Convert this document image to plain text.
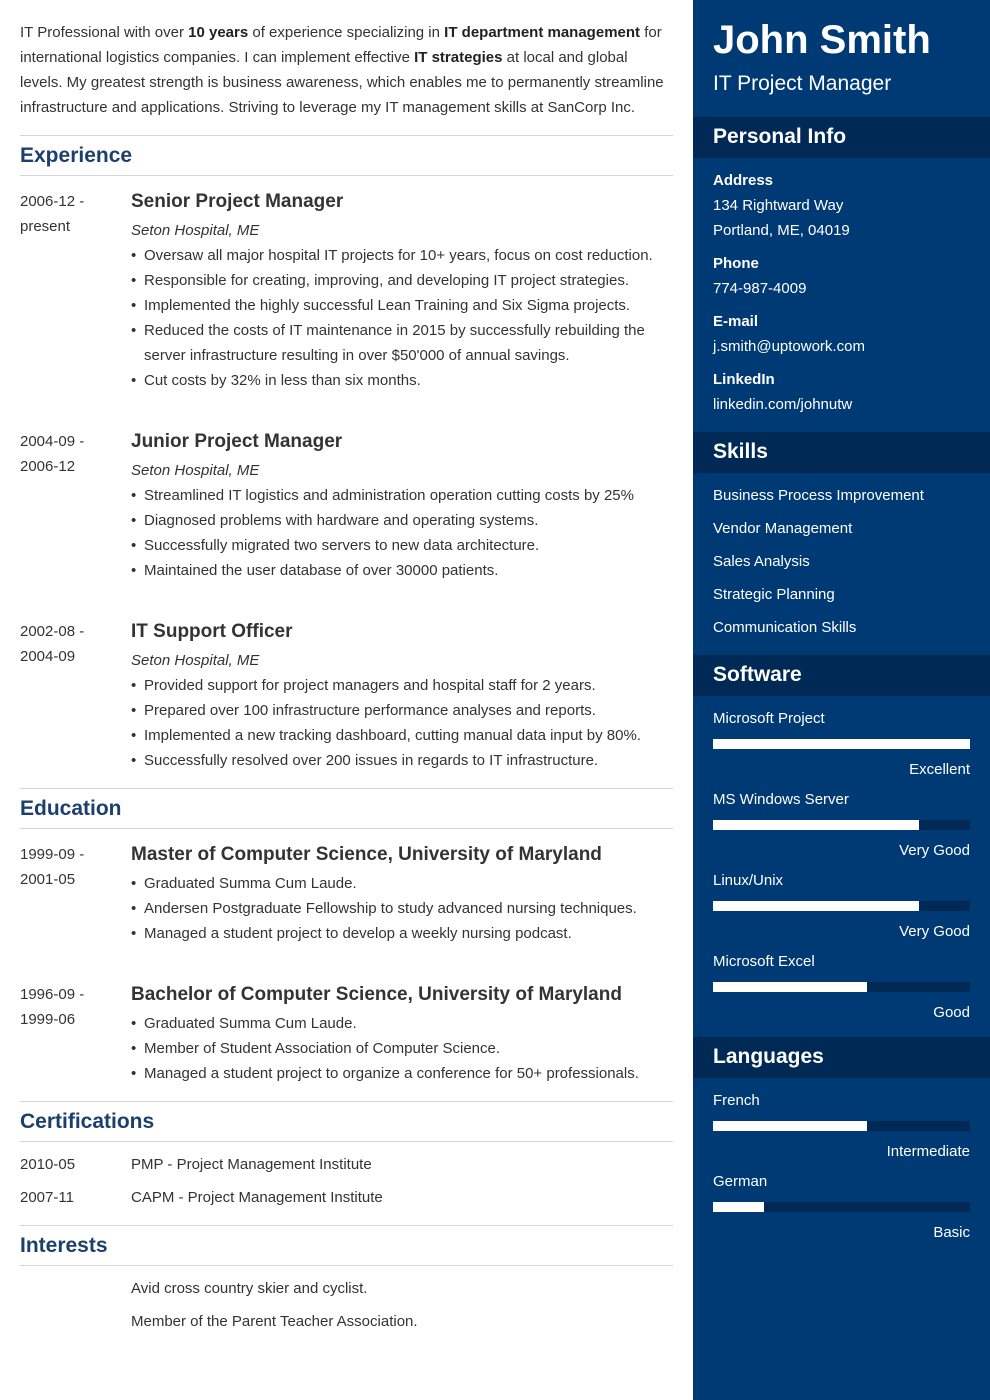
IT Professional with over 10 years of experience specializing in IT department management for international logistics companies. I can implement effective IT strategies at local and global levels. My greatest strength is business awareness, which enables me to permanently streamline infrastructure and applications. Striving to leverage my IT management skills at SanCorp Inc.

Experience
2006-12 -
present
Senior Project Manager
Seton Hospital, ME
• Oversaw all major hospital IT projects for 10+ years, focus on cost reduction.
• Responsible for creating, improving, and developing IT project strategies.
• Implemented the highly successful Lean Training and Six Sigma projects.
• Reduced the costs of IT maintenance in 2015 by successfully rebuilding the server infrastructure resulting in over $50'000 of annual savings.
• Cut costs by 32% in less than six months.
2004-09 -
2006-12
Junior Project Manager
Seton Hospital, ME
• Streamlined IT logistics and administration operation cutting costs by 25%
• Diagnosed problems with hardware and operating systems.
• Successfully migrated two servers to new data architecture.
• Maintained the user database of over 30000 patients.
2002-08 -
2004-09
IT Support Officer
Seton Hospital, ME
• Provided support for project managers and hospital staff for 2 years.
• Prepared over 100 infrastructure performance analyses and reports.
• Implemented a new tracking dashboard, cutting manual data input by 80%.
• Successfully resolved over 200 issues in regards to IT infrastructure.
Education
1999-09 -
2001-05
Master of Computer Science, University of Maryland
• Graduated Summa Cum Laude.
• Andersen Postgraduate Fellowship to study advanced nursing techniques.
• Managed a student project to develop a weekly nursing podcast.
1996-09 -
1999-06
Bachelor of Computer Science, University of Maryland
• Graduated Summa Cum Laude.
• Member of Student Association of Computer Science.
• Managed a student project to organize a conference for 50+ professionals.
Certifications
2010-05	PMP - Project Management Institute
2007-11	CAPM - Project Management Institute
Interests
Avid cross country skier and cyclist.
Member of the Parent Teacher Association.
John Smith
IT Project Manager
Personal Info
Address
134 Rightward Way
Portland, ME, 04019
Phone
774-987-4009
E-mail
j.smith@uptowork.com
LinkedIn
linkedin.com/johnutw
Skills
Business Process Improvement
Vendor Management
Sales Analysis
Strategic Planning
Communication Skills
Software
Microsoft Project
Excellent
MS Windows Server
Very Good
Linux/Unix
Very Good
Microsoft Excel
Good
Languages
French
Intermediate
German
Basic
